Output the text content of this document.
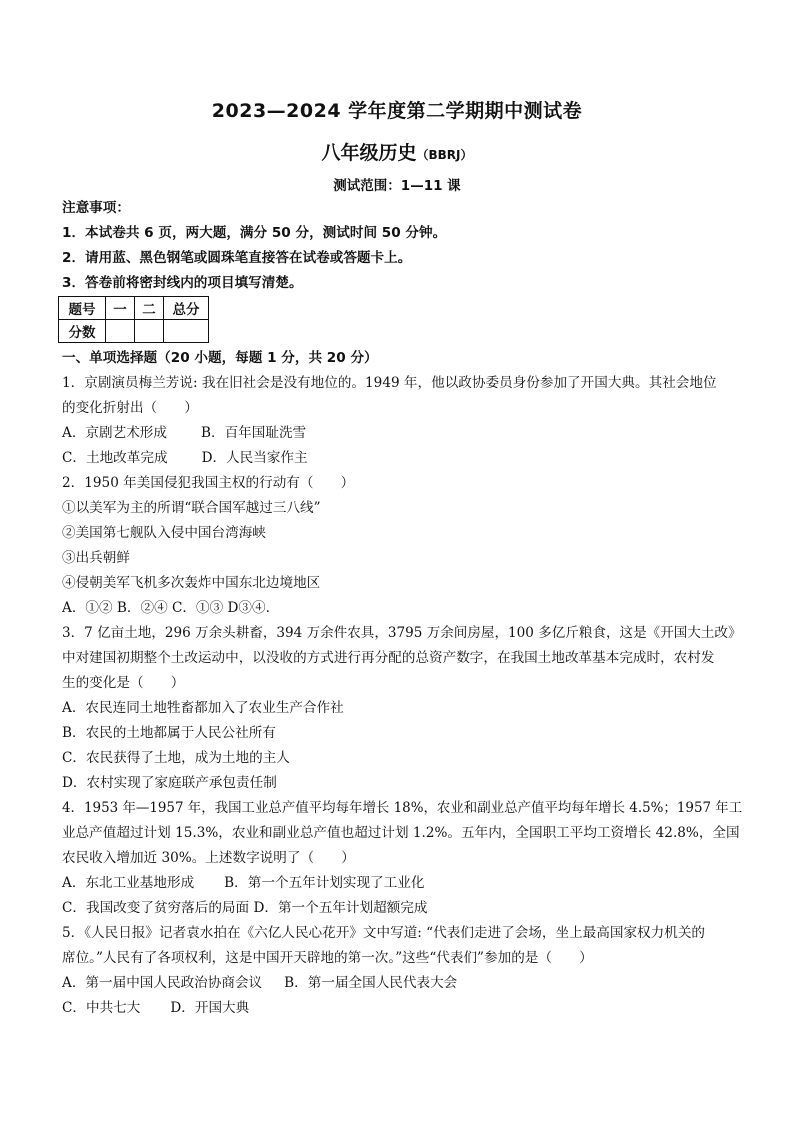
2023—2024 学年度第二学期期中测试卷
八年级历史（BBRJ）
测试范围：1—11 课
注意事项：
1．本试卷共 6 页，两大题，满分 50 分，测试时间 50 分钟。
2．请用蓝、黑色钢笔或圆珠笔直接答在试卷或答题卡上。
3．答卷前将密封线内的项目填写清楚。
题号	一	二	总分
分数			
一、单项选择题（20 小题，每题 1 分，共 20 分）
1．京剧演员梅兰芳说: 我在旧社会是没有地位的。1949 年，他以政协委员身份参加了开国大典。其社会地位
的变化折射出（　　）
A．京剧艺术形成	B．百年国耻洗雪
C．土地改革完成	D．人民当家作主
2．1950 年美国侵犯我国主权的行动有（　　）
①以美军为主的所谓“联合国军越过三八线”
②美国第七舰队入侵中国台湾海峡
③出兵朝鲜
④侵朝美军飞机多次轰炸中国东北边境地区
A．①② B．②④ C．①③ D③④.
3．7 亿亩土地，296 万余头耕畜，394 万余件农具，3795 万余间房屋，100 多亿斤粮食，这是《开国大土改》
中对建国初期整个土改运动中，以没收的方式进行再分配的总资产数字，在我国土地改革基本完成时，农村发
生的变化是（　　）
A．农民连同土地牲畜都加入了农业生产合作社
B．农民的土地都属于人民公社所有
C．农民获得了土地，成为土地的主人
D．农村实现了家庭联产承包责任制
4．1953 年—1957 年，我国工业总产值平均每年增长 18%，农业和副业总产值平均每年增长 4.5%；1957 年工
业总产值超过计划 15.3%，农业和副业总产值也超过计划 1.2%。五年内，全国职工平均工资增长 42.8%，全国
农民收入增加近 30%。上述数字说明了（　　）
A．东北工业基地形成 B．第一个五年计划实现了工业化
C．我国改变了贫穷落后的局面 D．第一个五年计划超额完成
5．《人民日报》记者袁水拍在《六亿人民心花开》文中写道: “代表们走进了会场，坐上最高国家权力机关的
席位。”人民有了各项权利，这是中国开天辟地的第一次。”这些“代表们”参加的是（　　）
A．第一届中国人民政治协商会议 B．第一届全国人民代表大会
C．中共七大 D．开国大典
